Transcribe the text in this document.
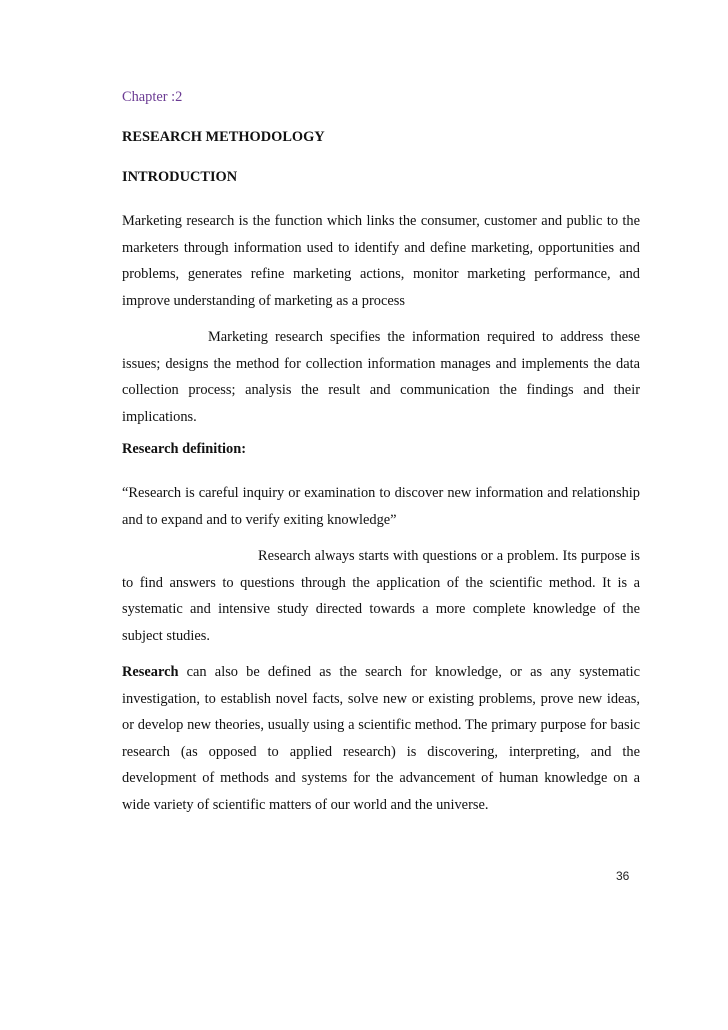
Chapter :2
RESEARCH METHODOLOGY
INTRODUCTION

Marketing research is the function which links the consumer, customer and public to the marketers through information used to identify and define marketing, opportunities and problems, generates refine marketing actions, monitor marketing performance, and improve understanding of marketing as a process

Marketing research specifies the information required to address these issues; designs the method for collection information manages and implements the data collection process; analysis the result and communication the findings and their implications.

Research definition:

“Research is careful inquiry or examination to discover new information and relationship and to expand and to verify exiting knowledge”

Research always starts with questions or a problem. Its purpose is to find answers to questions through the application of the scientific method. It is a systematic and intensive study directed towards a more complete knowledge of the subject studies.

Research can also be defined as the search for knowledge, or as any systematic investigation, to establish novel facts, solve new or existing problems, prove new ideas, or develop new theories, usually using a scientific method. The primary purpose for basic research (as opposed to applied research) is discovering, interpreting, and the development of methods and systems for the advancement of human knowledge on a wide variety of scientific matters of our world and the universe.

36
